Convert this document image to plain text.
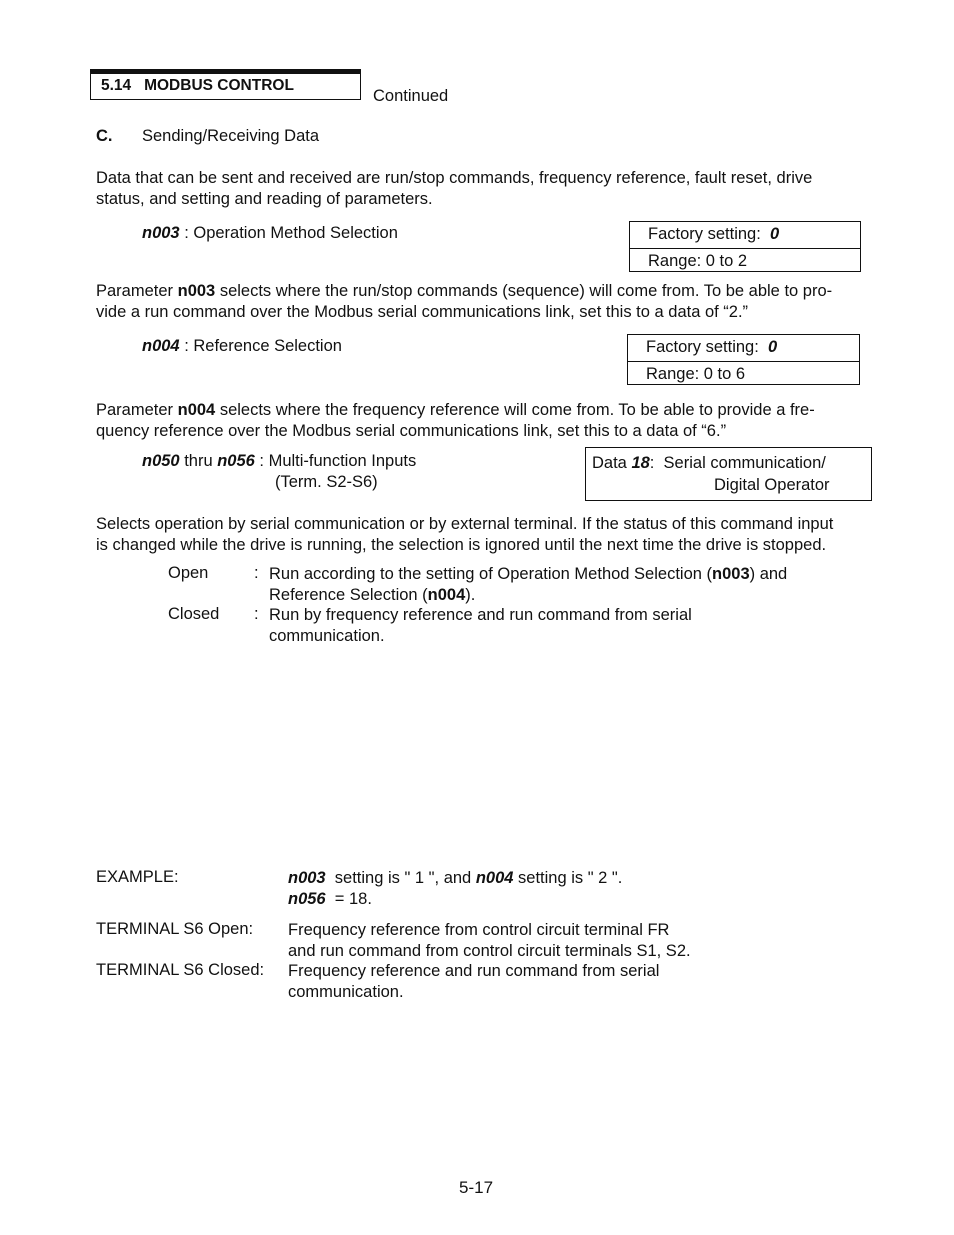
5.14   MODBUS CONTROL
Continued
C. Sending/Receiving Data
Data that can be sent and received are run/stop commands, frequency reference, fault reset, drive
status, and setting and reading of parameters.
n003 : Operation Method Selection	Factory setting:  0
Range: 0 to 2
Parameter n003 selects where the run/stop commands (sequence) will come from. To be able to pro-
vide a run command over the Modbus serial communications link, set this to a data of “2.”
n004 : Reference Selection	Factory setting:  0
Range: 0 to 6
Parameter n004 selects where the frequency reference will come from. To be able to provide a fre-
quency reference over the Modbus serial communications link, set this to a data of “6.”
n050 thru n056 : Multi-function Inputs
(Term. S2-S6)
Data 18:  Serial communication/
Digital Operator
Selects operation by serial communication or by external terminal. If the status of this command input
is changed while the drive is running, the selection is ignored until the next time the drive is stopped.
Open	: Run according to the setting of Operation Method Selection (n003) and
Reference Selection (n004).
Closed : Run by frequency reference and run command from serial
communication.
EXAMPLE:	n003  setting is " 1 ", and n004 setting is " 2 ".
n056  = 18.
TERMINAL S6 Open: Frequency reference from control circuit terminal FR
and run command from control circuit terminals S1, S2.
TERMINAL S6 Closed: Frequency reference and run command from serial
communication.
5-17
